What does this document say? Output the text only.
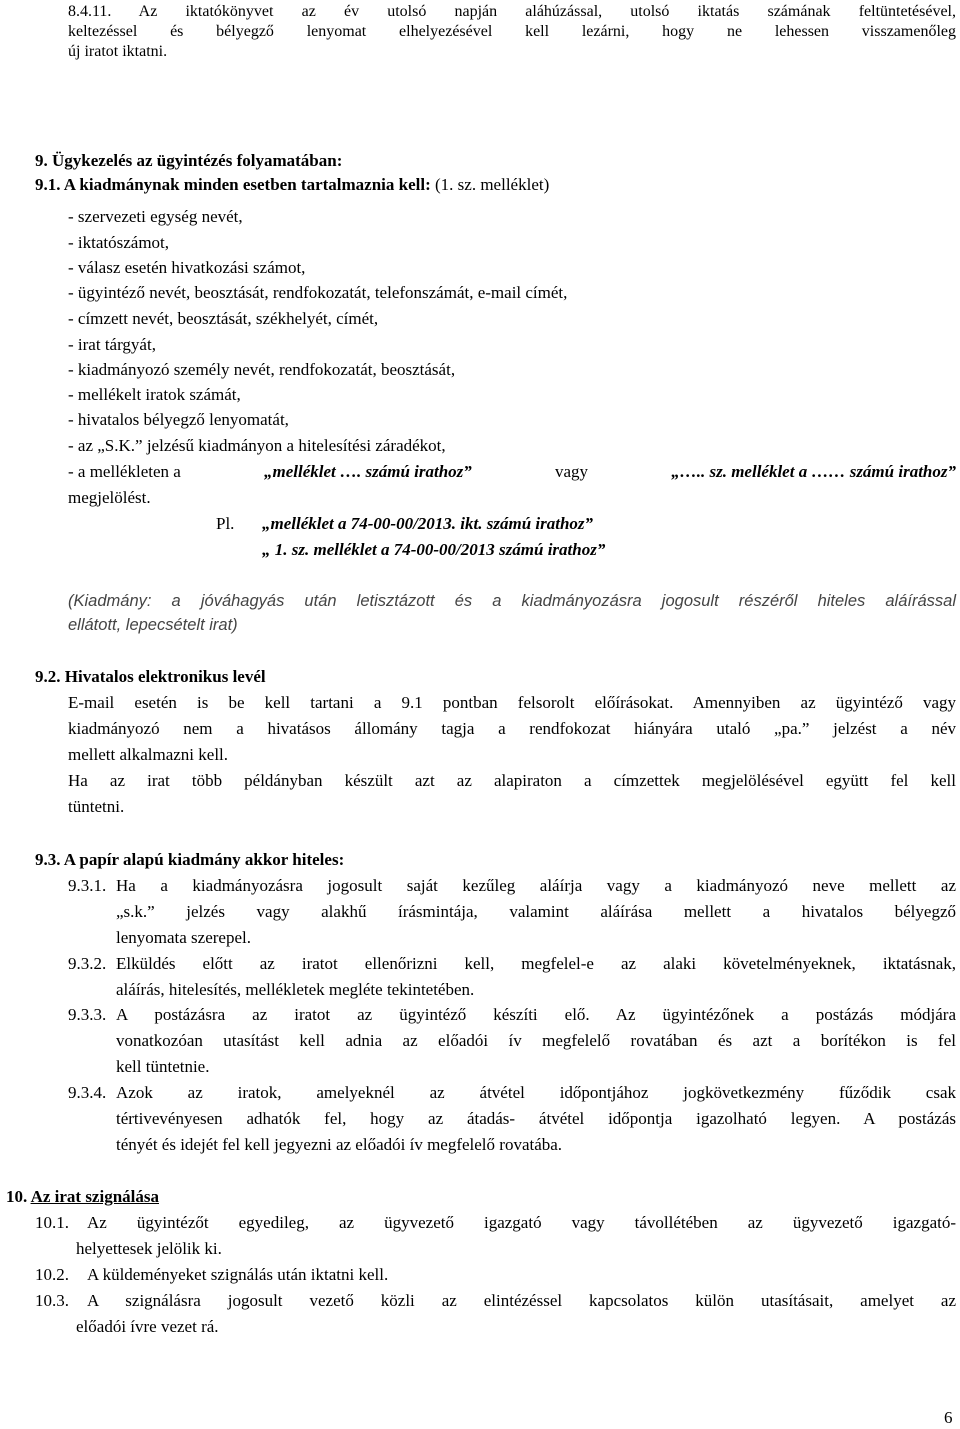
8.4.11. Az iktatókönyvet az év utolsó napján aláhúzással, utolsó iktatás számának feltüntetésével,
keltezéssel és bélyegző lenyomat elhelyezésével kell lezárni, hogy ne lehessen visszamenőleg
új iratot iktatni.
9. Ügykezelés az ügyintézés folyamatában:
9.1. A kiadmánynak minden esetben tartalmaznia kell: (1. sz. melléklet)
- szervezeti egység nevét,
- iktatószámot,
- válasz esetén hivatkozási számot,
- ügyintéző nevét, beosztását, rendfokozatát, telefonszámát, e-mail címét,
- címzett nevét, beosztását, székhelyét, címét,
- irat tárgyát,
- kiadmányozó személy nevét, rendfokozatát, beosztását,
- mellékelt iratok számát,
- hivatalos bélyegző lenyomatát,
- az „S.K.” jelzésű kiadmányon a hitelesítési záradékot,
- a mellékleten a	„melléklet …. számú irathoz”	vagy	„….. sz. melléklet a …… számú irathoz”
megjelölést.
Pl. „melléklet a 74-00-00/2013. ikt. számú irathoz”
„ 1. sz. melléklet a 74-00-00/2013 számú irathoz”
(Kiadmány: a jóváhagyás után letisztázott és a kiadmányozásra jogosult részéről hiteles aláírással
ellátott, lepecsételt irat)
9.2. Hivatalos elektronikus levél
E-mail esetén is be kell tartani a 9.1 pontban felsorolt előírásokat. Amennyiben az ügyintéző vagy
kiadmányozó nem a hivatásos állomány tagja a rendfokozat hiányára utaló „pa.” jelzést a név
mellett alkalmazni kell.
Ha az irat több példányban készült azt az alapiraton a címzettek megjelölésével együtt fel kell
tüntetni.
9.3. A papír alapú kiadmány akkor hiteles:
9.3.1. Ha a kiadmányozásra jogosult saját kezűleg aláírja vagy a kiadmányozó neve mellett az
„s.k.” jelzés vagy alakhű írásmintája, valamint aláírása mellett a hivatalos bélyegző
lenyomata szerepel.
9.3.2. Elküldés előtt az iratot ellenőrizni kell, megfelel-e az alaki követelményeknek, iktatásnak,
aláírás, hitelesítés, mellékletek megléte tekintetében.
9.3.3. A postázásra az iratot az ügyintéző készíti elő. Az ügyintézőnek a postázás módjára
vonatkozóan utasítást kell adnia az előadói ív megfelelő rovatában és azt a borítékon is fel
kell tüntetnie.
9.3.4. Azok az iratok, amelyeknél az átvétel időpontjához jogkövetkezmény fűződik csak
tértivevényesen adhatók fel, hogy az átadás- átvétel időpontja igazolható legyen. A postázás
tényét és idejét fel kell jegyezni az előadói ív megfelelő rovatába.
10. Az irat szignálása
10.1. Az ügyintézőt egyedileg, az ügyvezető igazgató vagy távollétében az ügyvezető igazgató-
helyettesek jelölik ki.
10.2. A küldeményeket szignálás után iktatni kell.
10.3. A szignálásra jogosult vezető közli az elintézéssel kapcsolatos külön utasításait, amelyet az
előadói ívre vezet rá.
6
